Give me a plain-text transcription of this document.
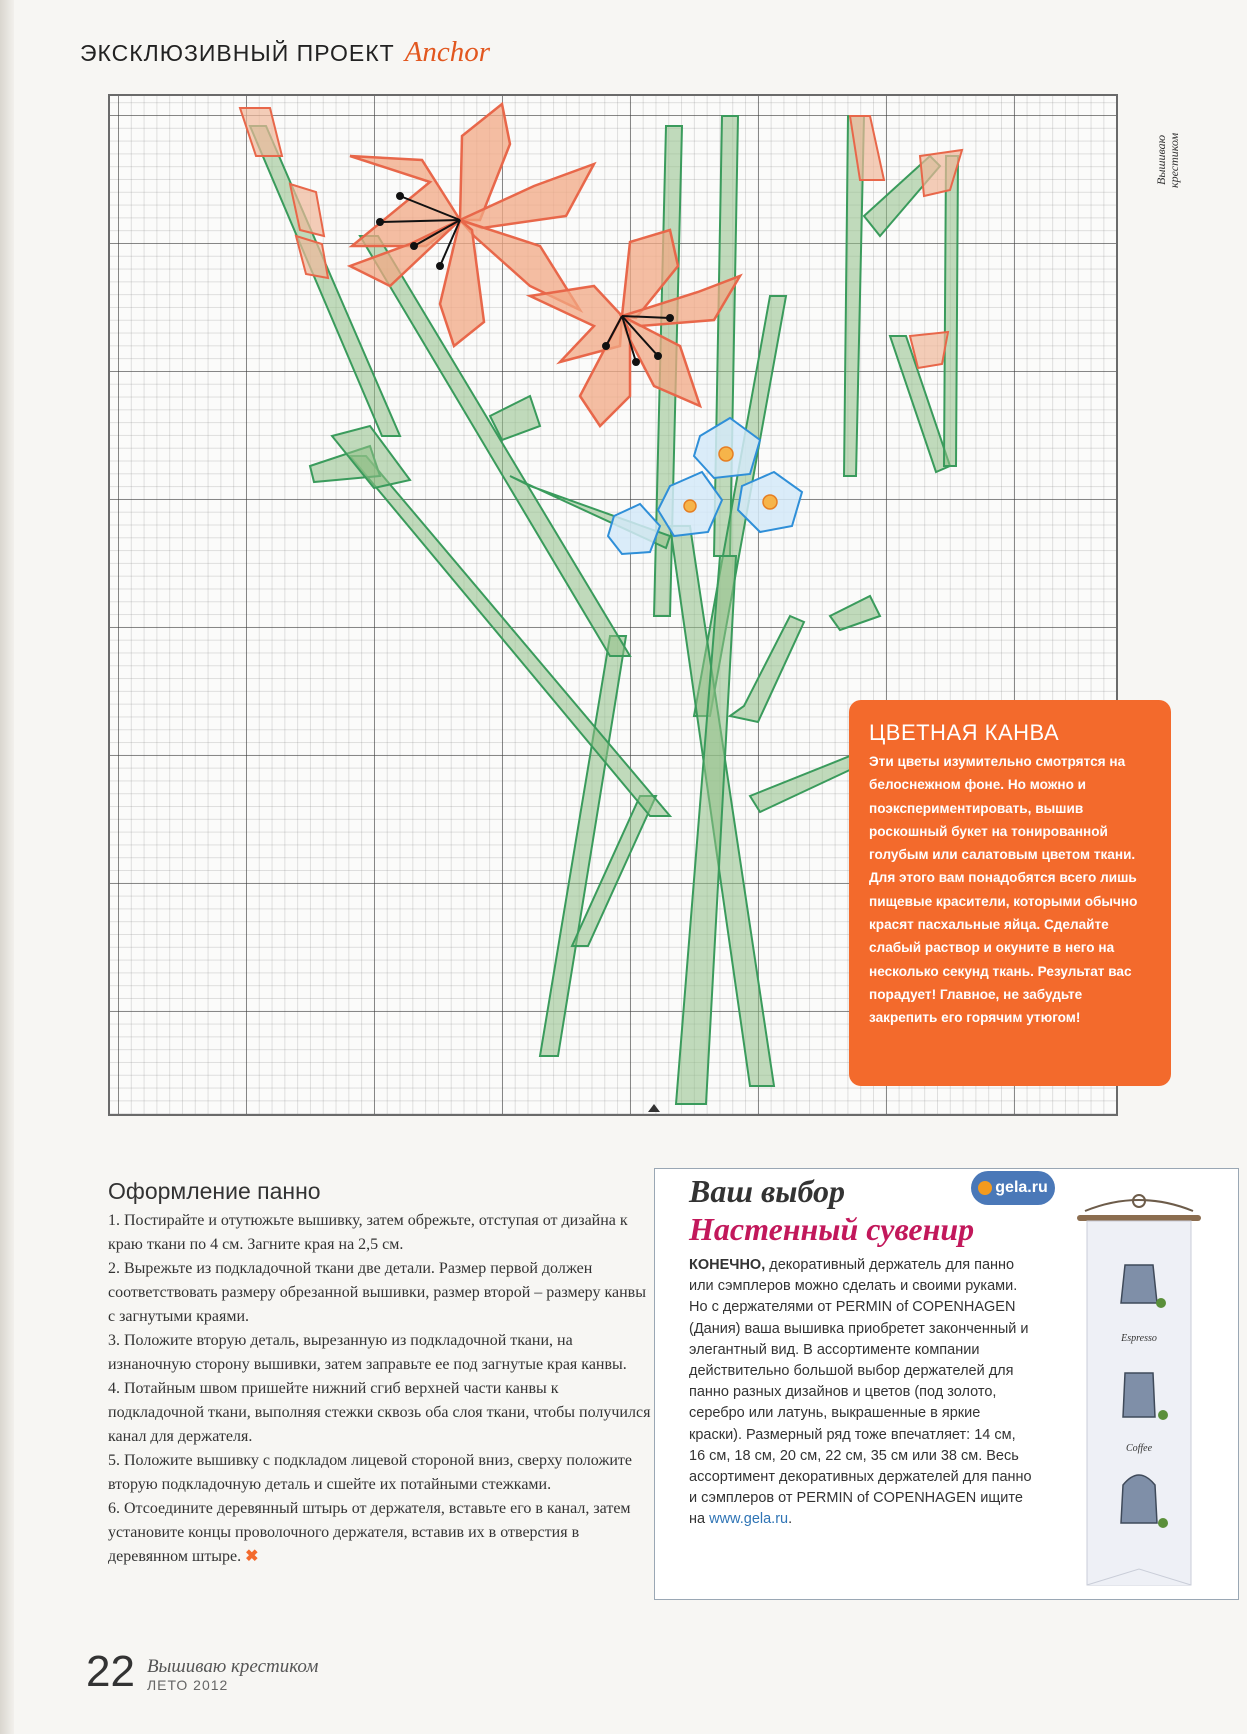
ЭКСКЛЮЗИВНЫЙ ПРОЕКТ Anchor
Вышиваю крестиком
ЦВЕТНАЯ КАНВА

Эти цветы изумительно смотрятся на белоснежном фоне. Но можно и поэкспериментировать, вышив роскошный букет на тонированной голубым или салатовым цветом ткани. Для этого вам понадобятся всего лишь пищевые красители, которыми обычно красят пасхальные яйца. Сделайте слабый раствор и окуните в него на несколько секунд ткань. Результат вас порадует! Главное, не забудьте закрепить его горячим утюгом!

Оформление панно

1. Постирайте и отутюжьте вышивку, затем обрежьте, отступая от дизайна к краю ткани по 4 см. Загните края на 2,5 см.

2. Вырежьте из подкладочной ткани две детали. Размер первой должен соответствовать размеру обрезанной вышивки, размер второй – размеру канвы с загнутыми краями.

3. Положите вторую деталь, вырезанную из подкладочной ткани, на изнаночную сторону вышивки, затем заправьте ее под загнутые края канвы.

4. Потайным швом пришейте нижний сгиб верхней части канвы к подкладочной ткани, выполняя стежки сквозь оба слоя ткани, чтобы получился канал для держателя.

5. Положите вышивку с подкладом лицевой стороной вниз, сверху положите вторую подкладочную деталь и сшейте их потайными стежками.

6. Отсоедините деревянный штырь от держателя, вставьте его в канал, затем установите концы проволочного держателя, вставив их в отверстия в деревянном штыре. ✖

Ваш выбор
Настенный сувенир
gela.ru
КОНЕЧНО, декоративный держатель для панно или сэмплеров можно сделать и своими руками. Но с держателями от PERMIN of COPENHAGEN (Дания) ваша вышивка приобретет законченный и элегантный вид. В ассортименте компании действительно большой выбор держателей для панно разных дизайнов и цветов (под золото, серебро или латунь, выкрашенные в яркие краски). Размерный ряд тоже впечатляет: 14 см, 16 см, 18 см, 20 см, 22 см, 35 см или 38 см. Весь ассортимент декоративных держателей для панно и сэмплеров от PERMIN of COPENHAGEN ищите на www.gela.ru.
Espresso
Coffee
22 Вышиваю крестиком
ЛЕТО 2012
